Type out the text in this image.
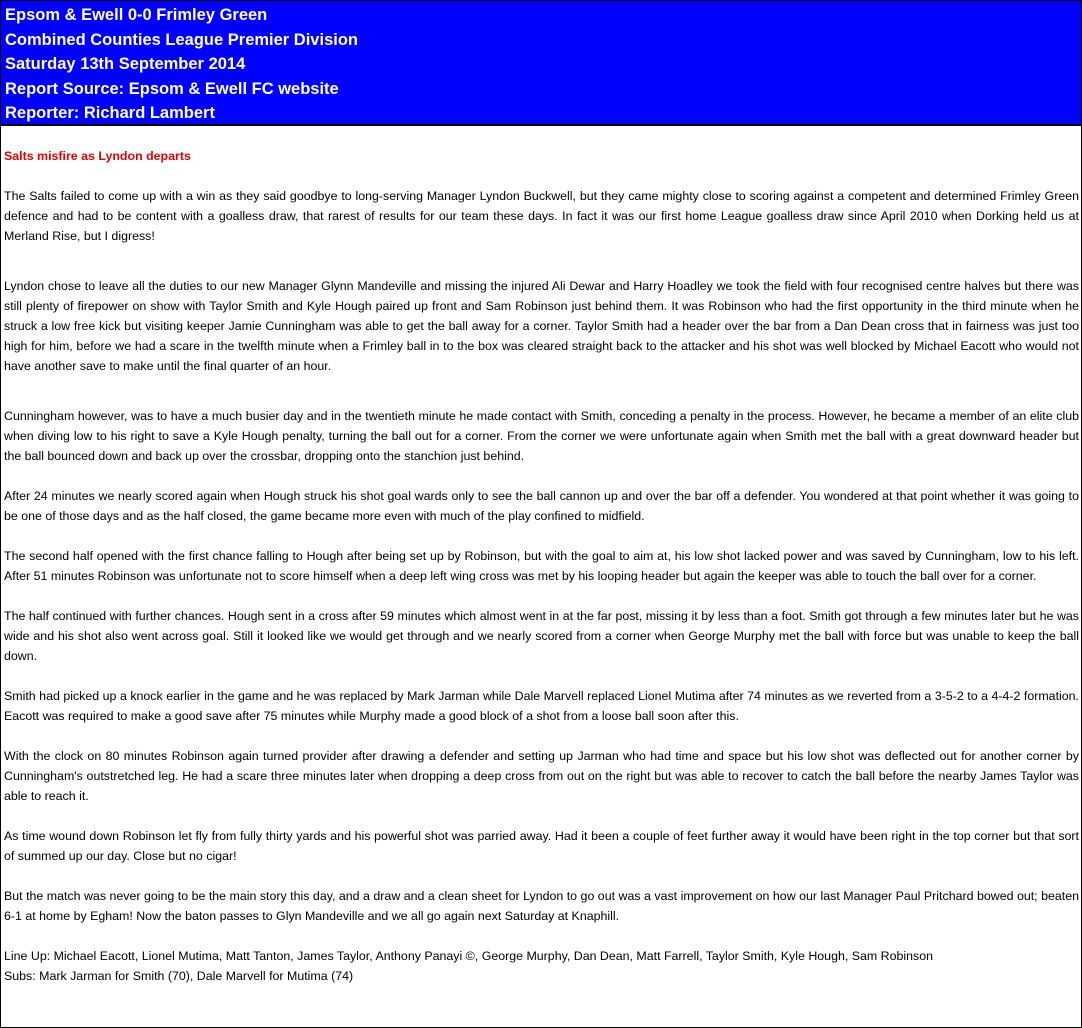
Epsom & Ewell 0-0 Frimley Green
Combined Counties League Premier Division
Saturday 13th September 2014
Report Source: Epsom & Ewell FC website
Reporter: Richard Lambert
Salts misfire as Lyndon departs

The Salts failed to come up with a win as they said goodbye to long-serving Manager Lyndon Buckwell, but they came mighty close to scoring against a competent and determined Frimley Green defence and had to be content with a goalless draw, that rarest of results for our team these days. In fact it was our first home League goalless draw since April 2010 when Dorking held us at Merland Rise, but I digress!

Lyndon chose to leave all the duties to our new Manager Glynn Mandeville and missing the injured Ali Dewar and Harry Hoadley we took the field with four recognised centre halves but there was still plenty of firepower on show with Taylor Smith and Kyle Hough paired up front and Sam Robinson just behind them. It was Robinson who had the first opportunity in the third minute when he struck a low free kick but visiting keeper Jamie Cunningham was able to get the ball away for a corner. Taylor Smith had a header over the bar from a Dan Dean cross that in fairness was just too high for him, before we had a scare in the twelfth minute when a Frimley ball in to the box was cleared straight back to the attacker and his shot was well blocked by Michael Eacott who would not have another save to make until the final quarter of an hour.

Cunningham however, was to have a much busier day and in the twentieth minute he made contact with Smith, conceding a penalty in the process. However, he became a member of an elite club when diving low to his right to save a Kyle Hough penalty, turning the ball out for a corner. From the corner we were unfortunate again when Smith met the ball with a great downward header but the ball bounced down and back up over the crossbar, dropping onto the stanchion just behind.

After 24 minutes we nearly scored again when Hough struck his shot goal wards only to see the ball cannon up and over the bar off a defender. You wondered at that point whether it was going to be one of those days and as the half closed, the game became more even with much of the play confined to midfield.

The second half opened with the first chance falling to Hough after being set up by Robinson, but with the goal to aim at, his low shot lacked power and was saved by Cunningham, low to his left. After 51 minutes Robinson was unfortunate not to score himself when a deep left wing cross was met by his looping header but again the keeper was able to touch the ball over for a corner.

The half continued with further chances. Hough sent in a cross after 59 minutes which almost went in at the far post, missing it by less than a foot. Smith got through a few minutes later but he was wide and his shot also went across goal. Still it looked like we would get through and we nearly scored from a corner when George Murphy met the ball with force but was unable to keep the ball down.

Smith had picked up a knock earlier in the game and he was replaced by Mark Jarman while Dale Marvell replaced Lionel Mutima after 74 minutes as we reverted from a 3-5-2 to a 4-4-2 formation. Eacott was required to make a good save after 75 minutes while Murphy made a good block of a shot from a loose ball soon after this.

With the clock on 80 minutes Robinson again turned provider after drawing a defender and setting up Jarman who had time and space but his low shot was deflected out for another corner by Cunningham's outstretched leg. He had a scare three minutes later when dropping a deep cross from out on the right but was able to recover to catch the ball before the nearby James Taylor was able to reach it.

As time wound down Robinson let fly from fully thirty yards and his powerful shot was parried away. Had it been a couple of feet further away it would have been right in the top corner but that sort of summed up our day. Close but no cigar!

But the match was never going to be the main story this day, and a draw and a clean sheet for Lyndon to go out was a vast improvement on how our last Manager Paul Pritchard bowed out; beaten 6-1 at home by Egham! Now the baton passes to Glyn Mandeville and we all go again next Saturday at Knaphill.

Line Up: Michael Eacott, Lionel Mutima, Matt Tanton, James Taylor, Anthony Panayi ©, George Murphy, Dan Dean, Matt Farrell, Taylor Smith, Kyle Hough, Sam Robinson
Subs: Mark Jarman for Smith (70), Dale Marvell for Mutima (74)
